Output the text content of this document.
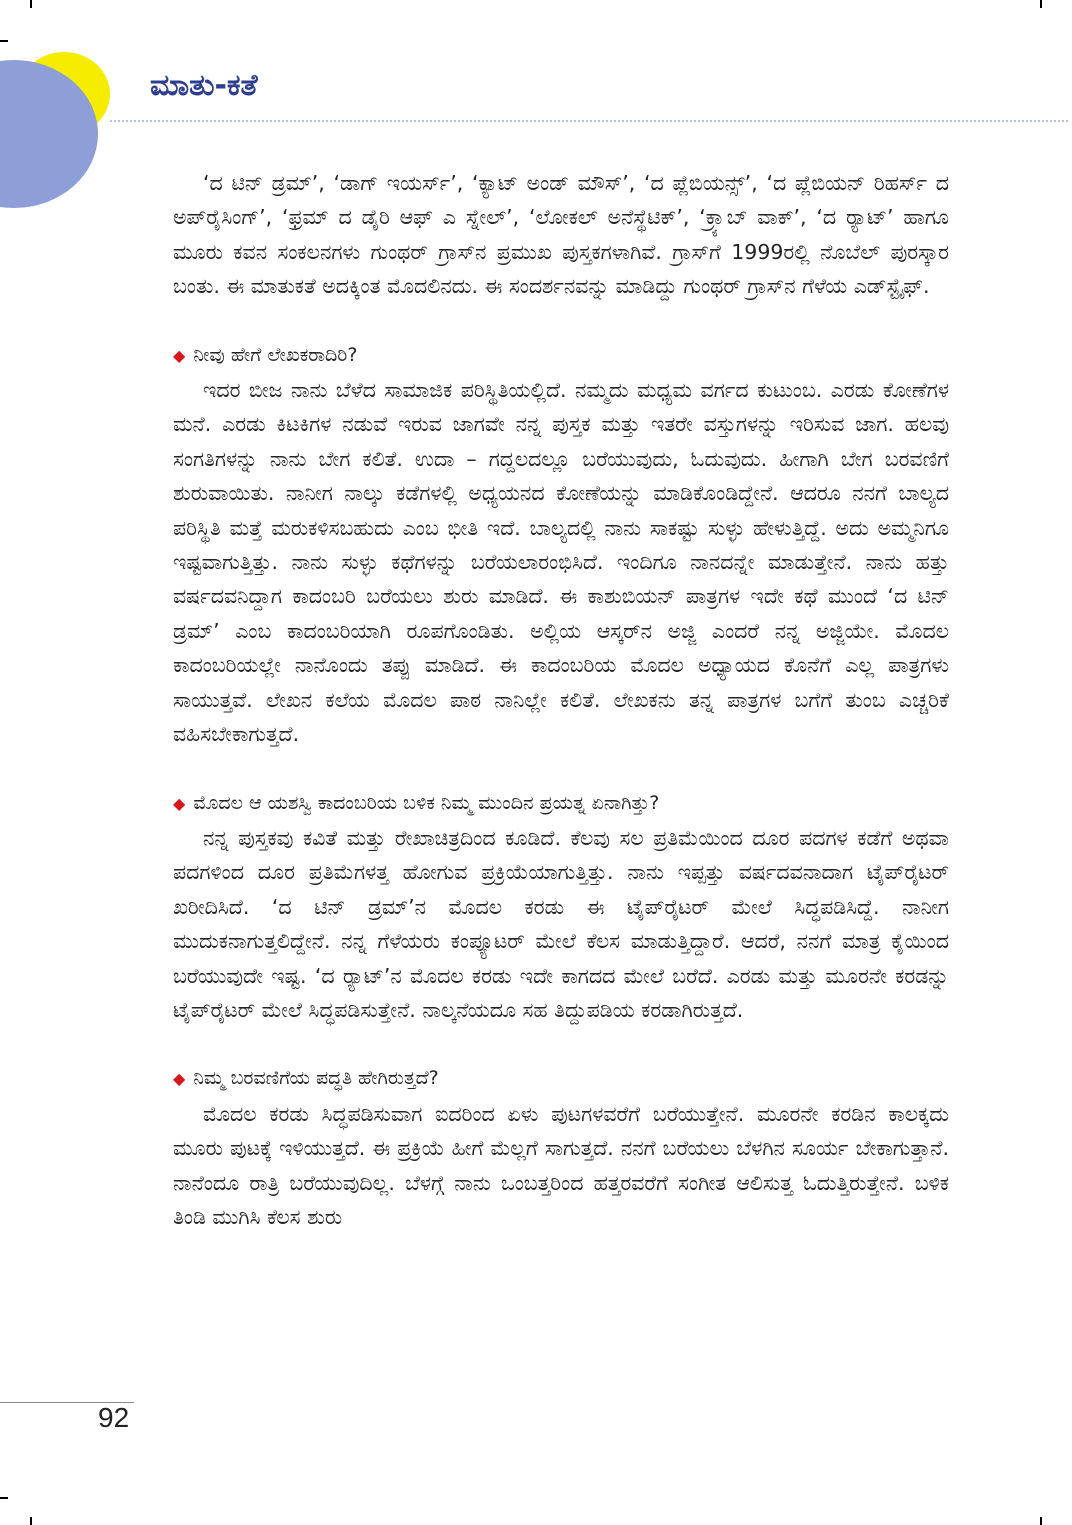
ಮಾತು-ಕತೆ

‘ದ ಟಿನ್ ಡ್ರಮ್’, ‘ಡಾಗ್ ಇಯರ್ಸ್’, ‘ಕ್ಯಾಟ್ ಅಂಡ್ ಮೌಸ್’, ‘ದ ಪ್ಲೆಬಿಯನ್ಸ್’, ‘ದ ಪ್ಲೆಬಿಯನ್ ರಿಹರ್ಸ್ ದ ಅಪ್‌ರೈಸಿಂಗ್’, ‘ಫ್ರಮ್ ದ ಡೈರಿ ಆಫ್ ಎ ಸ್ನೇಲ್’, ‘ಲೋಕಲ್ ಅನೆಸ್ಥೆಟಿಕ್’, ‘ಕ್ರ್ಯಾಬ್ ವಾಕ್’, ‘ದ ರ್‍ಯಾಟ್’ ಹಾಗೂ ಮೂರು ಕವನ ಸಂಕಲನಗಳು ಗುಂಥರ್ ಗ್ರಾಸ್‌ನ ಪ್ರಮುಖ ಪುಸ್ತಕಗಳಾಗಿವೆ. ಗ್ರಾಸ್‌ಗೆ 1999ರಲ್ಲಿ ನೊಬೆಲ್ ಪುರಸ್ಕಾರ ಬಂತು. ಈ ಮಾತುಕತೆ ಅದಕ್ಕಿಂತ ಮೊದಲಿನದು. ಈ ಸಂದರ್ಶನವನ್ನು ಮಾಡಿದ್ದು ಗುಂಥರ್ ಗ್ರಾಸ್‌ನ ಗೆಳೆಯ ಎಡ್‌ಸ್ಟೈಫ್.

◆ ನೀವು ಹೇಗೆ ಲೇಖಕರಾದಿರಿ?

ಇದರ ಬೀಜ ನಾನು ಬೆಳೆದ ಸಾಮಾಜಿಕ ಪರಿಸ್ಥಿತಿಯಲ್ಲಿದೆ. ನಮ್ಮದು ಮಧ್ಯಮ ವರ್ಗದ ಕುಟುಂಬ. ಎರಡು ಕೋಣೆಗಳ ಮನೆ. ಎರಡು ಕಿಟಕಿಗಳ ನಡುವೆ ಇರುವ ಜಾಗವೇ ನನ್ನ ಪುಸ್ತಕ ಮತ್ತು ಇತರೇ ವಸ್ತುಗಳನ್ನು ಇರಿಸುವ ಜಾಗ. ಹಲವು ಸಂಗತಿಗಳನ್ನು ನಾನು ಬೇಗ ಕಲಿತೆ. ಉದಾ – ಗದ್ದಲದಲ್ಲೂ ಬರೆಯುವುದು, ಓದುವುದು. ಹೀಗಾಗಿ ಬೇಗ ಬರವಣಿಗೆ ಶುರುವಾಯಿತು. ನಾನೀಗ ನಾಲ್ಕು ಕಡೆಗಳಲ್ಲಿ ಅಧ್ಯಯನದ ಕೋಣೆಯನ್ನು ಮಾಡಿಕೊಂಡಿದ್ದೇನೆ. ಆದರೂ ನನಗೆ ಬಾಲ್ಯದ ಪರಿಸ್ಥಿತಿ ಮತ್ತೆ ಮರುಕಳಿಸಬಹುದು ಎಂಬ ಭೀತಿ ಇದೆ. ಬಾಲ್ಯದಲ್ಲಿ ನಾನು ಸಾಕಷ್ಟು ಸುಳ್ಳು ಹೇಳುತ್ತಿದ್ದೆ. ಅದು ಅಮ್ಮನಿಗೂ ಇಷ್ಟವಾಗುತ್ತಿತ್ತು. ನಾನು ಸುಳ್ಳು ಕಥೆಗಳನ್ನು ಬರೆಯಲಾರಂಭಿಸಿದೆ. ಇಂದಿಗೂ ನಾನದನ್ನೇ ಮಾಡುತ್ತೇನೆ. ನಾನು ಹತ್ತು ವರ್ಷದವನಿದ್ದಾಗ ಕಾದಂಬರಿ ಬರೆಯಲು ಶುರು ಮಾಡಿದೆ. ಈ ಕಾಶುಬಿಯನ್ ಪಾತ್ರಗಳ ಇದೇ ಕಥೆ ಮುಂದೆ ‘ದ ಟಿನ್ ಡ್ರಮ್’ ಎಂಬ ಕಾದಂಬರಿಯಾಗಿ ರೂಪಗೊಂಡಿತು. ಅಲ್ಲಿಯ ಆಸ್ಕರ್‌ನ ಅಜ್ಜಿ ಎಂದರೆ ನನ್ನ ಅಜ್ಜಿಯೇ. ಮೊದಲ ಕಾದಂಬರಿಯಲ್ಲೇ ನಾನೊಂದು ತಪ್ಪು ಮಾಡಿದೆ. ಈ ಕಾದಂಬರಿಯ ಮೊದಲ ಅಧ್ಯಾಯದ ಕೊನೆಗೆ ಎಲ್ಲ ಪಾತ್ರಗಳು ಸಾಯುತ್ತವೆ. ಲೇಖನ ಕಲೆಯ ಮೊದಲ ಪಾಠ ನಾನಿಲ್ಲೇ ಕಲಿತೆ. ಲೇಖಕನು ತನ್ನ ಪಾತ್ರಗಳ ಬಗೆಗೆ ತುಂಬ ಎಚ್ಚರಿಕೆ ವಹಿಸಬೇಕಾಗುತ್ತದೆ.

◆ ಮೊದಲ ಆ ಯಶಸ್ವಿ ಕಾದಂಬರಿಯ ಬಳಿಕ ನಿಮ್ಮ ಮುಂದಿನ ಪ್ರಯತ್ನ ಏನಾಗಿತ್ತು?

ನನ್ನ ಪುಸ್ತಕವು ಕವಿತೆ ಮತ್ತು ರೇಖಾಚಿತ್ರದಿಂದ ಕೂಡಿದೆ. ಕೆಲವು ಸಲ ಪ್ರತಿಮೆಯಿಂದ ದೂರ ಪದಗಳ ಕಡೆಗೆ ಅಥವಾ ಪದಗಳಿಂದ ದೂರ ಪ್ರತಿಮೆಗಳತ್ತ ಹೋಗುವ ಪ್ರಕ್ರಿಯೆಯಾಗುತ್ತಿತ್ತು. ನಾನು ಇಪ್ಪತ್ತು ವರ್ಷದವನಾದಾಗ ಟೈಪ್‌ರೈಟರ್ ಖರೀದಿಸಿದೆ. ‘ದ ಟಿನ್ ಡ್ರಮ್’ನ ಮೊದಲ ಕರಡು ಈ ಟೈಪ್‌ರೈಟರ್ ಮೇಲೆ ಸಿದ್ಧಪಡಿಸಿದ್ದೆ. ನಾನೀಗ ಮುದುಕನಾಗುತ್ತಲಿದ್ದೇನೆ. ನನ್ನ ಗೆಳೆಯರು ಕಂಪ್ಯೂಟರ್ ಮೇಲೆ ಕೆಲಸ ಮಾಡುತ್ತಿದ್ದಾರೆ. ಆದರೆ, ನನಗೆ ಮಾತ್ರ ಕೈಯಿಂದ ಬರೆಯುವುದೇ ಇಷ್ಟ. ‘ದ ರ್‍ಯಾಟ್’ನ ಮೊದಲ ಕರಡು ಇದೇ ಕಾಗದದ ಮೇಲೆ ಬರೆದೆ. ಎರಡು ಮತ್ತು ಮೂರನೇ ಕರಡನ್ನು ಟೈಪ್‌ರೈಟರ್ ಮೇಲೆ ಸಿದ್ಧಪಡಿಸುತ್ತೇನೆ. ನಾಲ್ಕನೆಯದೂ ಸಹ ತಿದ್ದುಪಡಿಯ ಕರಡಾಗಿರುತ್ತದೆ.

◆ ನಿಮ್ಮ ಬರವಣಿಗೆಯ ಪದ್ಧತಿ ಹೇಗಿರುತ್ತದೆ?

ಮೊದಲ ಕರಡು ಸಿದ್ಧಪಡಿಸುವಾಗ ಐದರಿಂದ ಏಳು ಪುಟಗಳವರೆಗೆ ಬರೆಯುತ್ತೇನೆ. ಮೂರನೇ ಕರಡಿನ ಕಾಲಕ್ಕದು ಮೂರು ಪುಟಕ್ಕೆ ಇಳಿಯುತ್ತದೆ. ಈ ಪ್ರಕ್ರಿಯೆ ಹೀಗೆ ಮೆಲ್ಲಗೆ ಸಾಗುತ್ತದೆ. ನನಗೆ ಬರೆಯಲು ಬೆಳಗಿನ ಸೂರ್ಯ ಬೇಕಾಗುತ್ತಾನೆ. ನಾನೆಂದೂ ರಾತ್ರಿ ಬರೆಯುವುದಿಲ್ಲ. ಬೆಳಗ್ಗೆ ನಾನು ಒಂಬತ್ತರಿಂದ ಹತ್ತರವರೆಗೆ ಸಂಗೀತ ಆಲಿಸುತ್ತ ಓದುತ್ತಿರುತ್ತೇನೆ. ಬಳಿಕ ತಿಂಡಿ ಮುಗಿಸಿ ಕೆಲಸ ಶುರು

92
